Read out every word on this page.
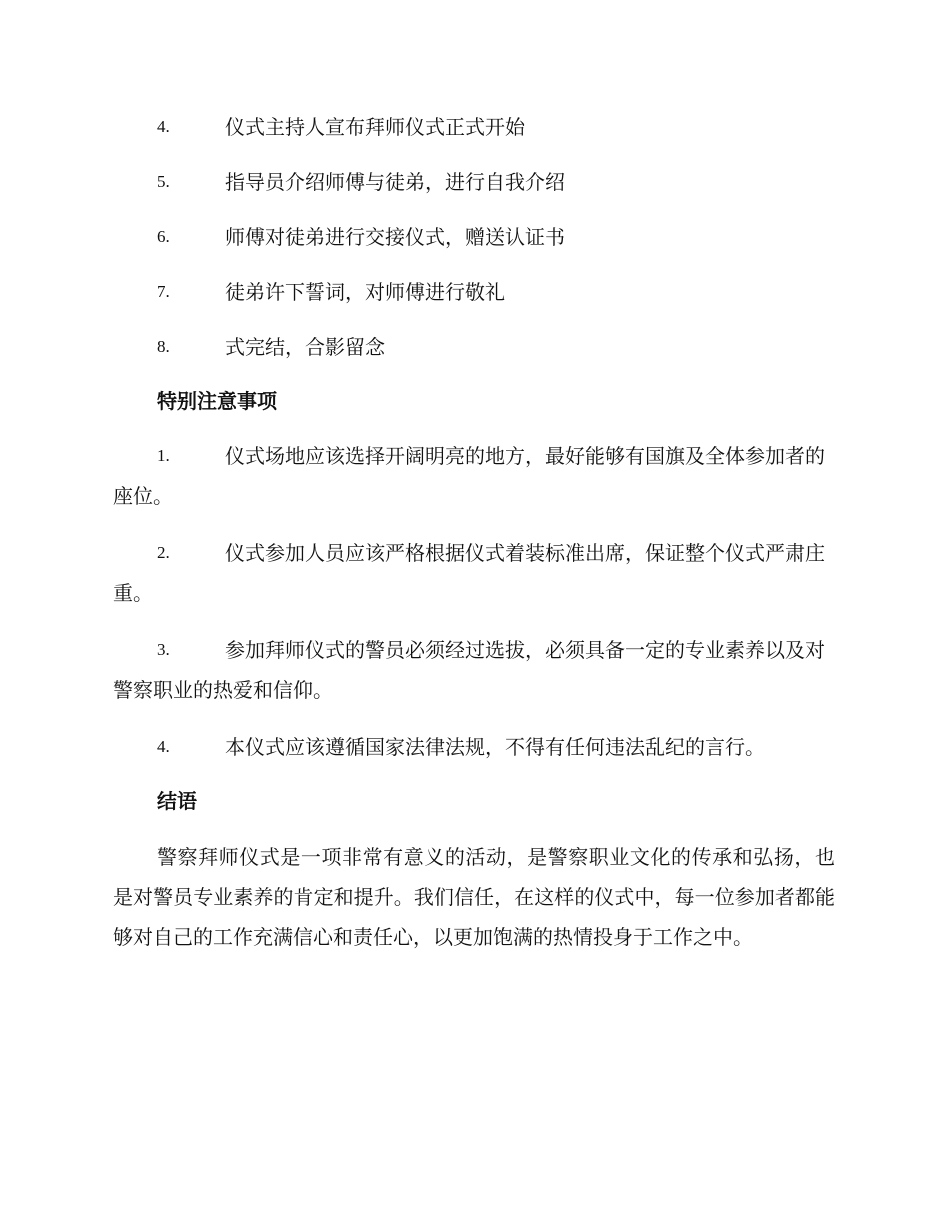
4.	仪式主持人宣布拜师仪式正式开始
5.	指导员介绍师傅与徒弟，进行自我介绍
6.	师傅对徒弟进行交接仪式，赠送认证书
7.	徒弟许下誓词，对师傅进行敬礼
8.	式完结，合影留念
特别注意事项
1.	仪式场地应该选择开阔明亮的地方，最好能够有国旗及全体参加者的座位。
2.	仪式参加人员应该严格根据仪式着装标准出席，保证整个仪式严肃庄重。
3.	参加拜师仪式的警员必须经过选拔，必须具备一定的专业素养以及对警察职业的热爱和信仰。
4.	本仪式应该遵循国家法律法规，不得有任何违法乱纪的言行。
结语
警察拜师仪式是一项非常有意义的活动，是警察职业文化的传承和弘扬，也是对警员专业素养的肯定和提升。我们信任，在这样的仪式中，每一位参加者都能够对自己的工作充满信心和责任心，以更加饱满的热情投身于工作之中。
